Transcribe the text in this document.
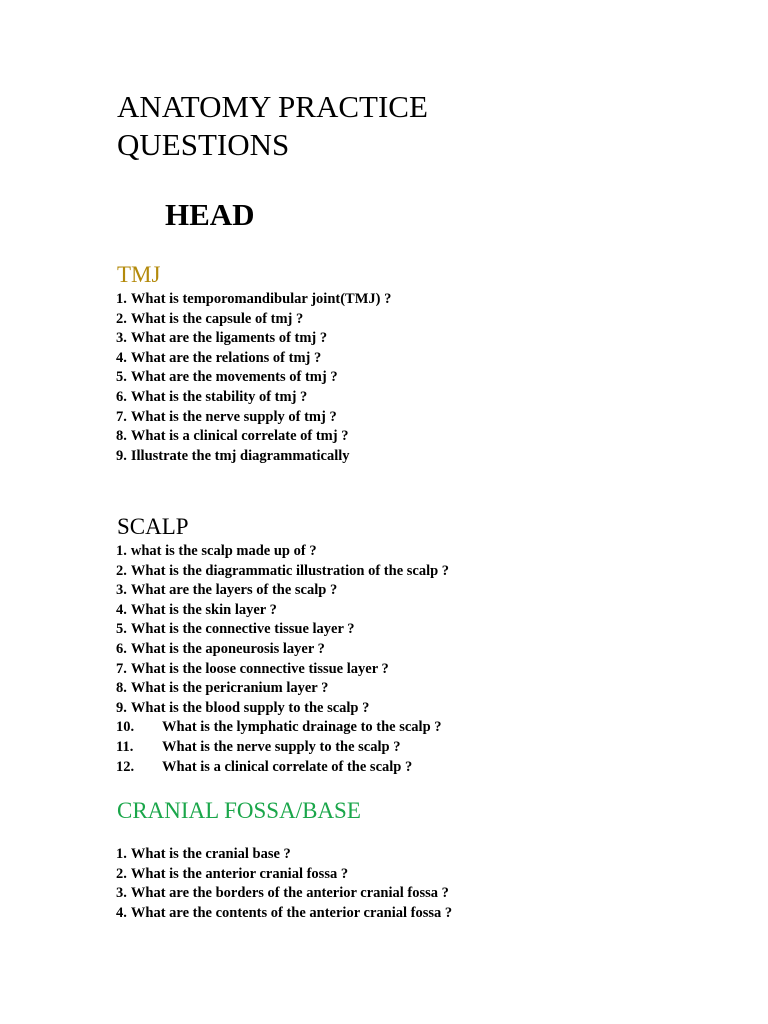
ANATOMY PRACTICE QUESTIONS
HEAD
TMJ
1. What is temporomandibular joint(TMJ) ?
2. What is the capsule of tmj ?
3. What are the ligaments of tmj ?
4. What are the relations of tmj ?
5. What are the movements of tmj ?
6. What is the stability of tmj ?
7. What is the nerve supply of tmj ?
8. What is a clinical correlate of tmj ?
9. Illustrate the tmj diagrammatically
SCALP
1. what is the scalp made up of ?
2. What is the diagrammatic illustration of the scalp ?
3. What are the layers of the scalp ?
4. What is the skin layer ?
5. What is the connective tissue layer ?
6. What is the aponeurosis layer ?
7. What is the loose connective tissue layer ?
8. What is the pericranium layer ?
9. What is the blood supply to the scalp ?
10. What is the lymphatic drainage to the scalp ?
11. What is the nerve supply to the scalp ?
12. What is a clinical correlate of the scalp ?
CRANIAL FOSSA/BASE
1. What is the cranial base ?
2. What is the anterior cranial fossa ?
3. What are the borders of the anterior cranial fossa ?
4. What are the contents of the anterior cranial fossa ?
